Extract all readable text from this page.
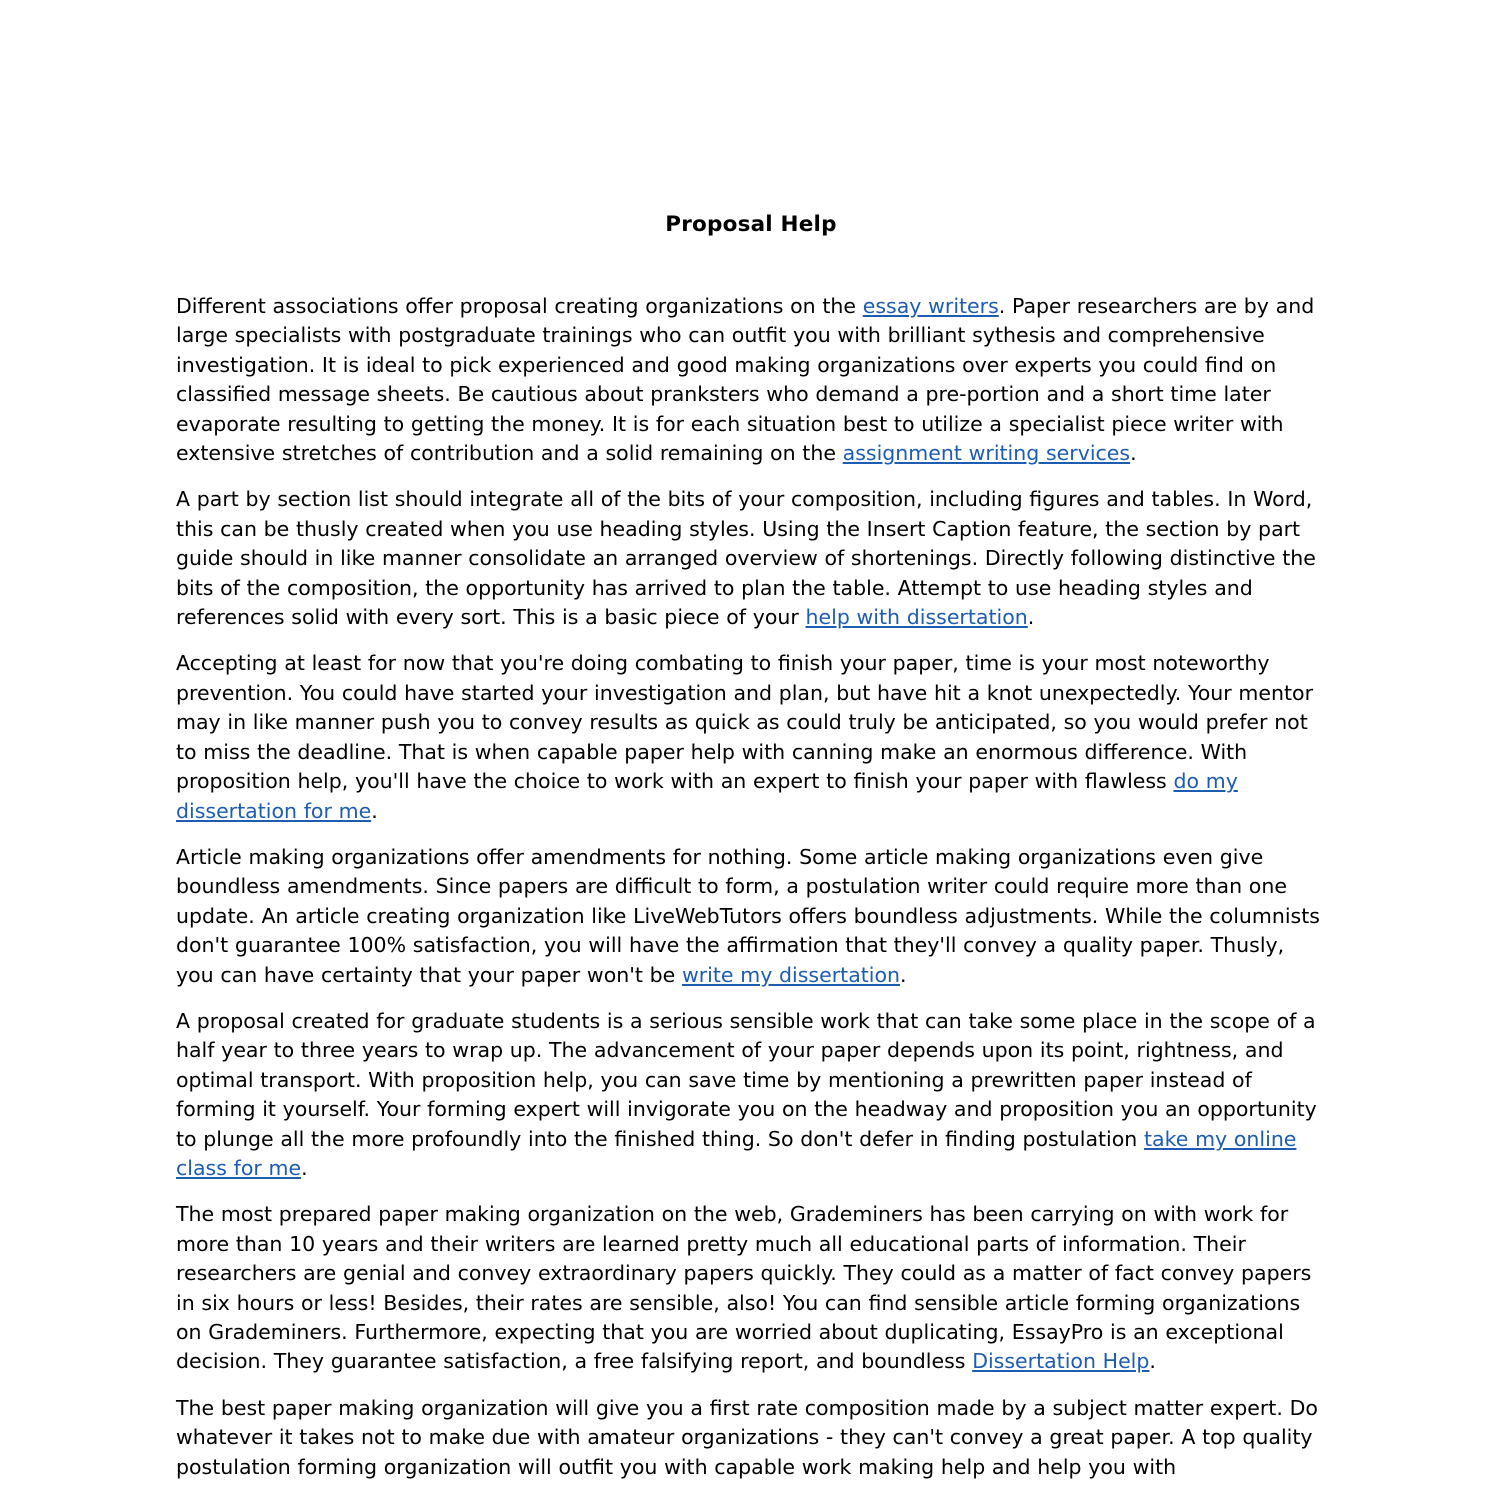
Proposal Help

Different associations offer proposal creating organizations on the essay writers. Paper researchers are by and large specialists with postgraduate trainings who can outfit you with brilliant sythesis and comprehensive investigation. It is ideal to pick experienced and good making organizations over experts you could find on classified message sheets. Be cautious about pranksters who demand a pre-portion and a short time later evaporate resulting to getting the money. It is for each situation best to utilize a specialist piece writer with extensive stretches of contribution and a solid remaining on the assignment writing services.

A part by section list should integrate all of the bits of your composition, including figures and tables. In Word, this can be thusly created when you use heading styles. Using the Insert Caption feature, the section by part guide should in like manner consolidate an arranged overview of shortenings. Directly following distinctive the bits of the composition, the opportunity has arrived to plan the table. Attempt to use heading styles and references solid with every sort. This is a basic piece of your help with dissertation.

Accepting at least for now that you're doing combating to finish your paper, time is your most noteworthy prevention. You could have started your investigation and plan, but have hit a knot unexpectedly. Your mentor may in like manner push you to convey results as quick as could truly be anticipated, so you would prefer not to miss the deadline. That is when capable paper help with canning make an enormous difference. With proposition help, you'll have the choice to work with an expert to finish your paper with flawless do my dissertation for me.

Article making organizations offer amendments for nothing. Some article making organizations even give boundless amendments. Since papers are difficult to form, a postulation writer could require more than one update. An article creating organization like LiveWebTutors offers boundless adjustments. While the columnists don't guarantee 100% satisfaction, you will have the affirmation that they'll convey a quality paper. Thusly, you can have certainty that your paper won't be write my dissertation.

A proposal created for graduate students is a serious sensible work that can take some place in the scope of a half year to three years to wrap up. The advancement of your paper depends upon its point, rightness, and optimal transport. With proposition help, you can save time by mentioning a prewritten paper instead of forming it yourself. Your forming expert will invigorate you on the headway and proposition you an opportunity to plunge all the more profoundly into the finished thing. So don't defer in finding postulation take my online class for me.

The most prepared paper making organization on the web, Grademiners has been carrying on with work for more than 10 years and their writers are learned pretty much all educational parts of information. Their researchers are genial and convey extraordinary papers quickly. They could as a matter of fact convey papers in six hours or less! Besides, their rates are sensible, also! You can find sensible article forming organizations on Grademiners. Furthermore, expecting that you are worried about duplicating, EssayPro is an exceptional decision. They guarantee satisfaction, a free falsifying report, and boundless Dissertation Help.

The best paper making organization will give you a first rate composition made by a subject matter expert. Do whatever it takes not to make due with amateur organizations - they can't convey a great paper. A top quality postulation forming organization will outfit you with capable work making help and help you with
